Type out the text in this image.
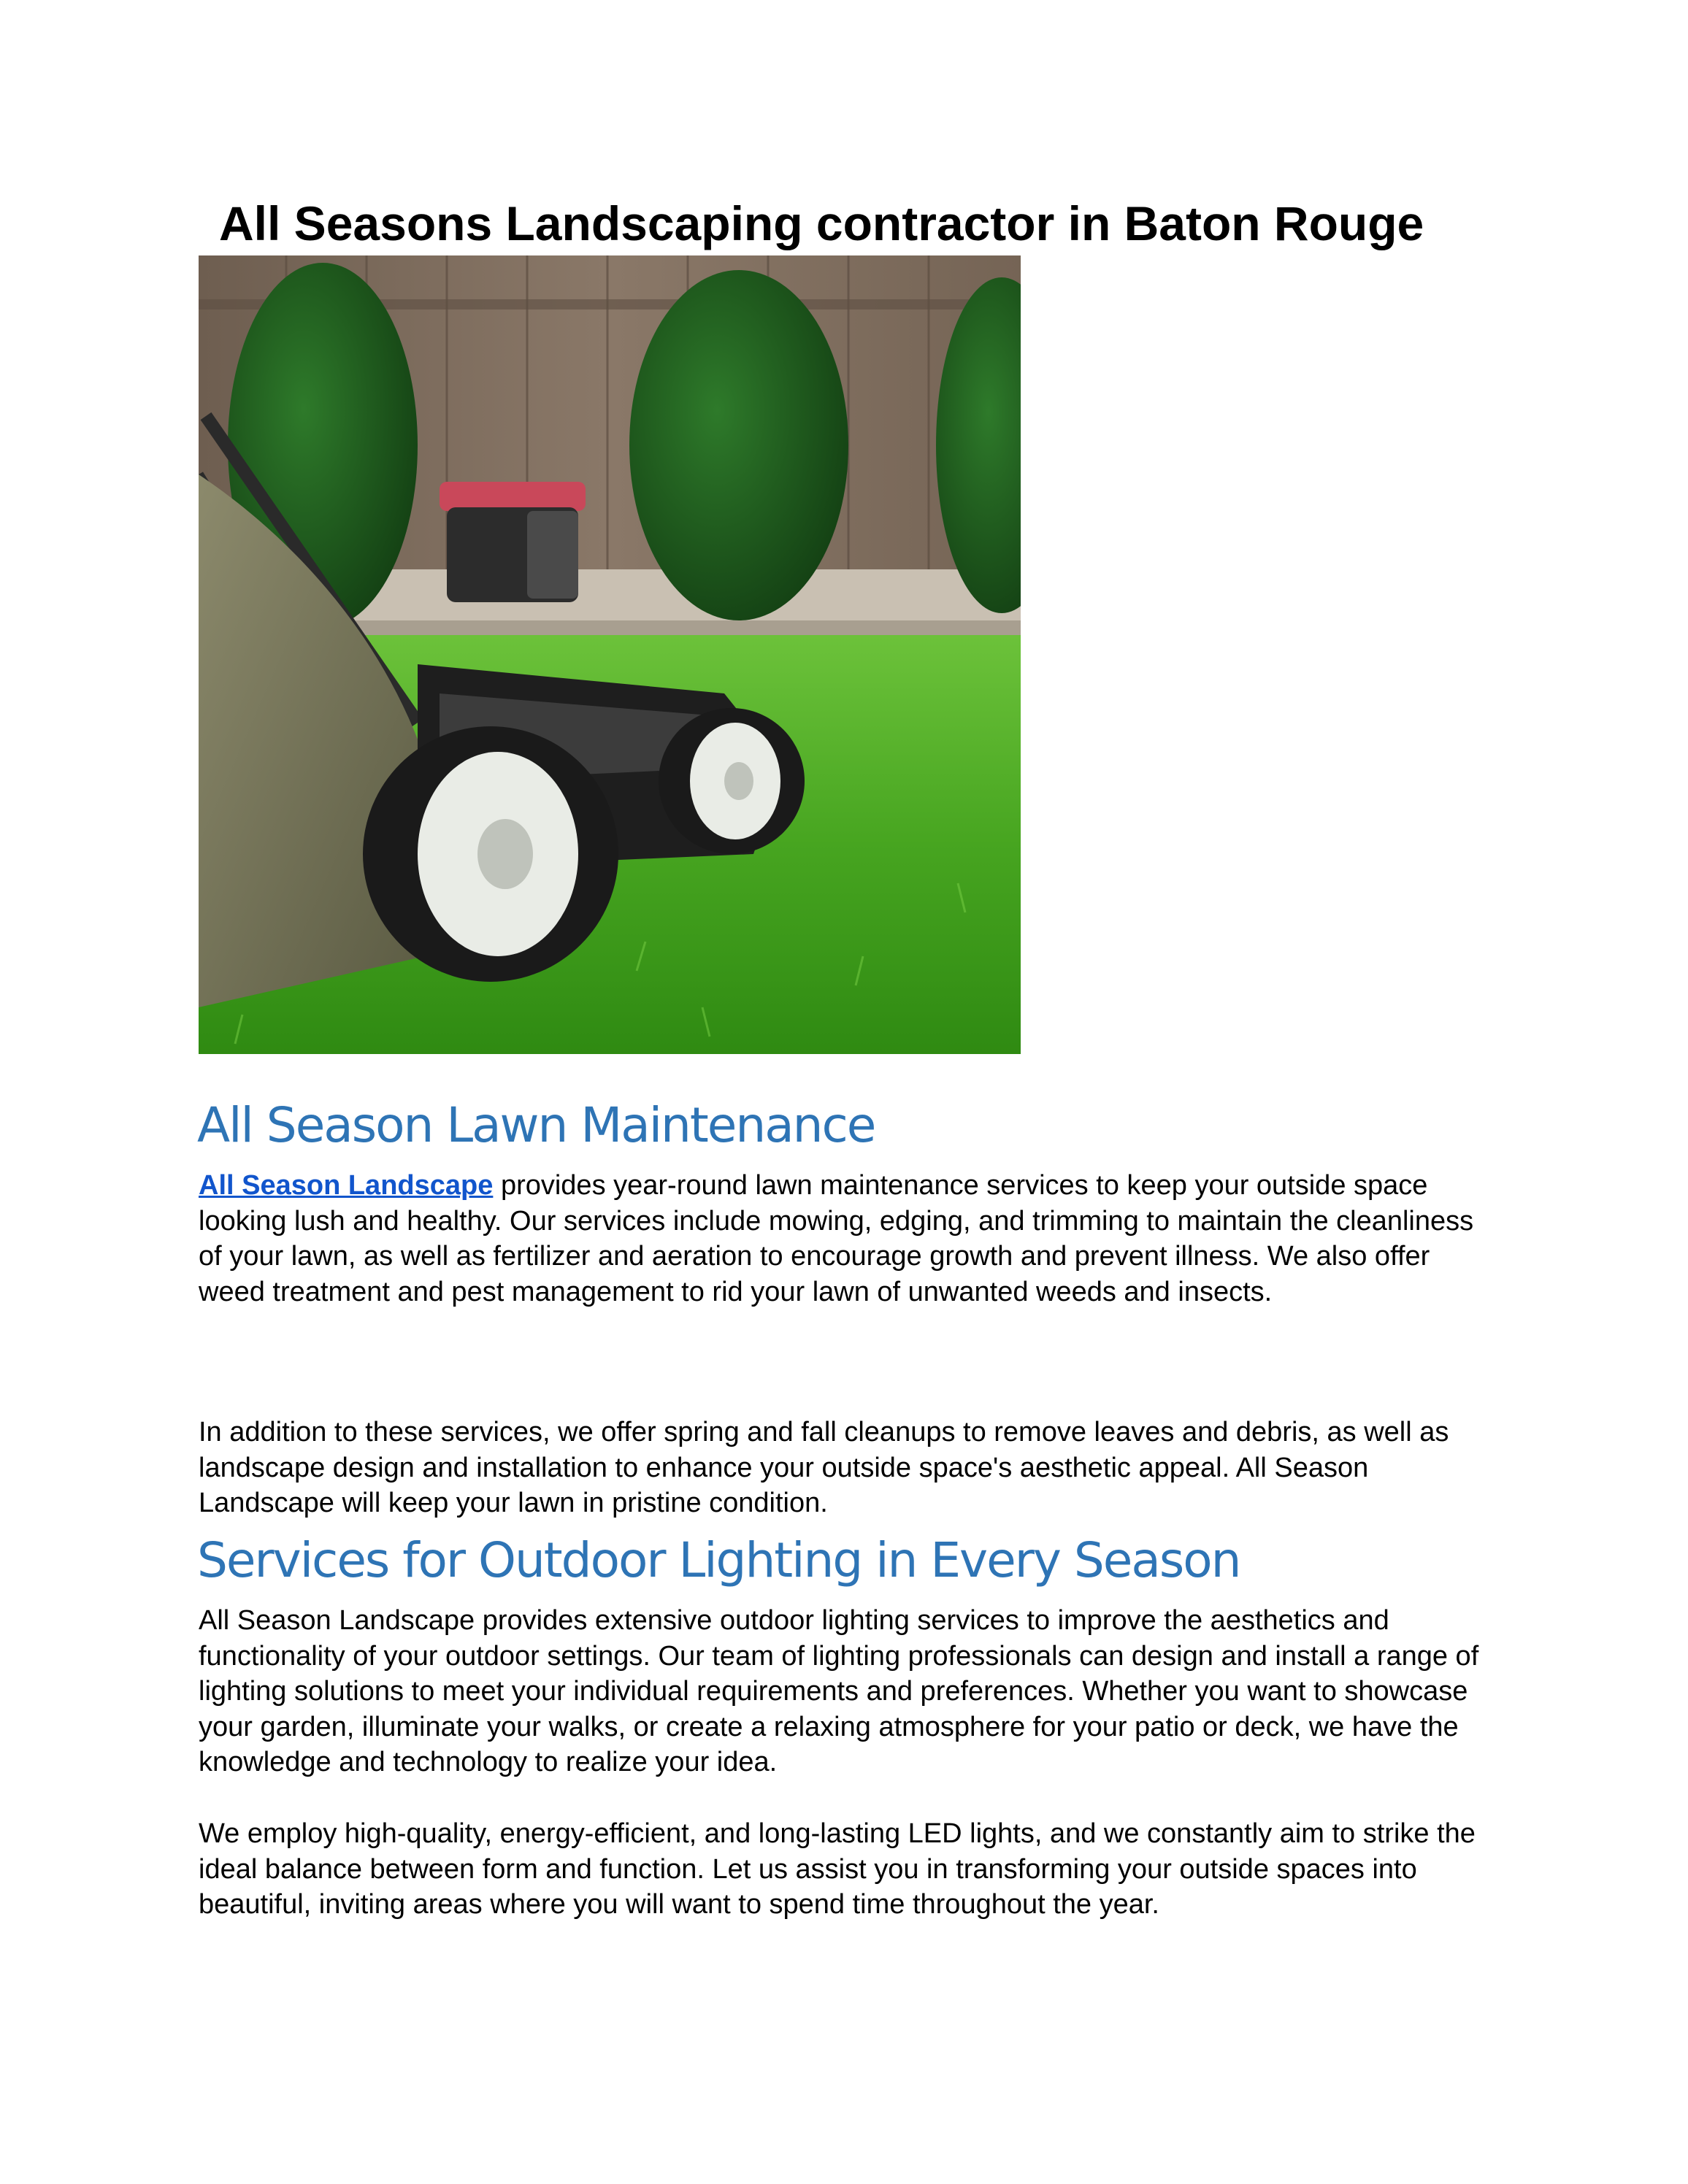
All Seasons Landscaping contractor in Baton Rouge
All Season Lawn Maintenance

All Season Landscape provides year-round lawn maintenance services to keep your outside space looking lush and healthy. Our services include mowing, edging, and trimming to maintain the cleanliness of your lawn, as well as fertilizer and aeration to encourage growth and prevent illness. We also offer weed treatment and pest management to rid your lawn of unwanted weeds and insects.

In addition to these services, we offer spring and fall cleanups to remove leaves and debris, as well as landscape design and installation to enhance your outside space's aesthetic appeal. All Season Landscape will keep your lawn in pristine condition.

Services for Outdoor Lighting in Every Season

All Season Landscape provides extensive outdoor lighting services to improve the aesthetics and functionality of your outdoor settings. Our team of lighting professionals can design and install a range of lighting solutions to meet your individual requirements and preferences. Whether you want to showcase your garden, illuminate your walks, or create a relaxing atmosphere for your patio or deck, we have the knowledge and technology to realize your idea.

We employ high-quality, energy-efficient, and long-lasting LED lights, and we constantly aim to strike the ideal balance between form and function. Let us assist you in transforming your outside spaces into beautiful, inviting areas where you will want to spend time throughout the year.
